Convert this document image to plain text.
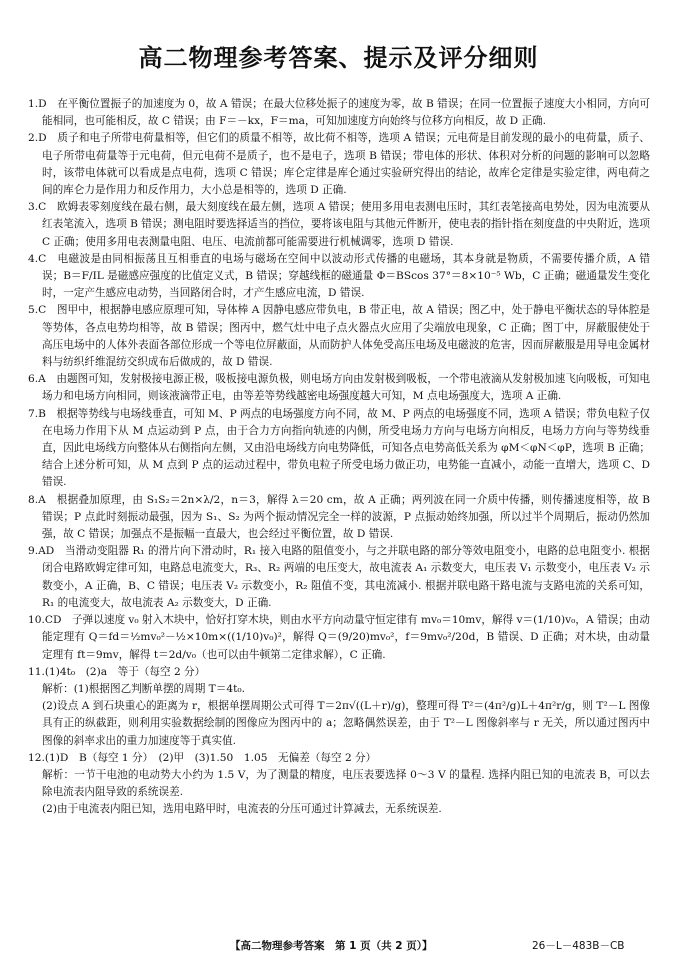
高二物理参考答案、提示及评分细则

1.D　在平衡位置振子的加速度为 0，故 A 错误；在最大位移处振子的速度为零，故 B 错误；在同一位置振子速度大小相同，方向可能相同，也可能相反，故 C 错误；由 F＝－kx，F＝ma，可知加速度方向始终与位移方向相反，故 D 正确.

2.D　质子和电子所带电荷量相等，但它们的质量不相等，故比荷不相等，选项 A 错误；元电荷是目前发现的最小的电荷量，质子、电子所带电荷量等于元电荷，但元电荷不是质子，也不是电子，选项 B 错误；带电体的形状、体积对分析的问题的影响可以忽略时，该带电体就可以看成是点电荷，选项 C 错误；库仑定律是库仑通过实验研究得出的结论，故库仑定律是实验定律，两电荷之间的库仑力是作用力和反作用力，大小总是相等的，选项 D 正确.

3.C　欧姆表零刻度线在最右侧，最大刻度线在最左侧，选项 A 错误；使用多用电表测电压时，其红表笔接高电势处，因为电流要从红表笔流入，选项 B 错误；测电阻时要选择适当的挡位，要将该电阻与其他元件断开，使电表的指针指在刻度盘的中央附近，选项 C 正确；使用多用电表测量电阻、电压、电流前都可能需要进行机械调零，选项 D 错误.

4.C　电磁波是由同相振荡且互相垂直的电场与磁场在空间中以波动形式传播的电磁场，其本身就是物质，不需要传播介质，A 错误；B＝F/IL 是磁感应强度的比值定义式，B 错误；穿越线框的磁通量 Φ＝BScos 37°＝8×10⁻⁵ Wb，C 正确；磁通量发生变化时，一定产生感应电动势，当回路闭合时，才产生感应电流，D 错误.

5.C　图甲中，根据静电感应原理可知，导体棒 A 因静电感应带负电，B 带正电，故 A 错误；图乙中，处于静电平衡状态的导体腔是等势体，各点电势均相等，故 B 错误；图丙中，燃气灶中电子点火器点火应用了尖端放电现象，C 正确；图丁中，屏蔽服使处于高压电场中的人体外表面各部位形成一个等电位屏蔽面，从而防护人体免受高压电场及电磁波的危害，因而屏蔽服是用导电金属材料与纺织纤维混纺交织成布后做成的，故 D 错误.

6.A　由题图可知，发射极接电源正极，吸板接电源负极，则电场方向由发射极到吸板，一个带电液滴从发射极加速飞向吸板，可知电场力和电场方向相同，则该液滴带正电，由等差等势线越密电场强度越大可知，M 点电场强度大，选项 A 正确.

7.B　根据等势线与电场线垂直，可知 M、P 两点的电场强度方向不同，故 M、P 两点的电场强度不同，选项 A 错误；带负电粒子仅在电场力作用下从 M 点运动到 P 点，由于合力方向指向轨迹的内侧，所受电场力方向与电场方向相反，电场力方向与等势线垂直，因此电场线方向整体从右侧指向左侧，又由沿电场线方向电势降低，可知各点电势高低关系为 φM＜φN＜φP，选项 B 正确；结合上述分析可知，从 M 点到 P 点的运动过程中，带负电粒子所受电场力做正功，电势能一直减小，动能一直增大，选项 C、D 错误.

8.A　根据叠加原理，由 S₁S₂＝2n×λ/2，n＝3，解得 λ＝20 cm，故 A 正确；两列波在同一介质中传播，则传播速度相等，故 B 错误；P 点此时刻振动最强，因为 S₁、S₂ 为两个振动情况完全一样的波源，P 点振动始终加强，所以过半个周期后，振动仍然加强，故 C 错误；加强点不是振幅一直最大，也会经过平衡位置，故 D 错误.

9.AD　当滑动变阻器 R₁ 的滑片向下滑动时，R₁ 接入电路的阻值变小，与之并联电路的部分等效电阻变小，电路的总电阻变小. 根据闭合电路欧姆定律可知，电路总电流变大，R₃、R₂ 两端的电压变大，故电流表 A₁ 示数变大，电压表 V₁ 示数变小，电压表 V₂ 示数变小，A 正确，B、C 错误；电压表 V₂ 示数变小，R₂ 阻值不变，其电流减小. 根据并联电路干路电流与支路电流的关系可知，R₁ 的电流变大，故电流表 A₂ 示数变大，D 正确.

10.CD　子弹以速度 v₀ 射入木块中，恰好打穿木块，则由水平方向动量守恒定律有 mv₀＝10mv，解得 v＝(1/10)v₀，A 错误；由动能定理有 Q＝fd＝½mv₀²－½×10m×((1/10)v₀)²，解得 Q＝(9/20)mv₀²，f＝9mv₀²/20d，B 错误、D 正确；对木块，由动量定理有 ft＝9mv，解得 t＝2d/v₀（也可以由牛顿第二定律求解），C 正确.

11.(1)4t₀　(2)a　等于（每空 2 分）

解析：(1)根据图乙判断单摆的周期 T＝4t₀.

(2)设点 A 到石块重心的距离为 r，根据单摆周期公式可得 T＝2π√((L＋r)/g)，整理可得 T²＝(4π²/g)L＋4π²r/g，则 T²－L 图像具有正的纵截距，则利用实验数据绘制的图像应为图丙中的 a；忽略偶然误差，由于 T²－L 图像斜率与 r 无关，所以通过图丙中图像的斜率求出的重力加速度等于真实值.

12.(1)D　B（每空 1 分）　(2)甲　(3)1.50　1.05　无偏差（每空 2 分）

解析：一节干电池的电动势大小约为 1.5 V，为了测量的精度，电压表要选择 0～3 V 的量程. 选择内阻已知的电流表 B，可以去除电流表内阻导致的系统误差.

(2)由于电流表内阻已知，选用电路甲时，电流表的分压可通过计算减去，无系统误差.

【高二物理参考答案　第 1 页（共 2 页）】	26－L－483B－CB
